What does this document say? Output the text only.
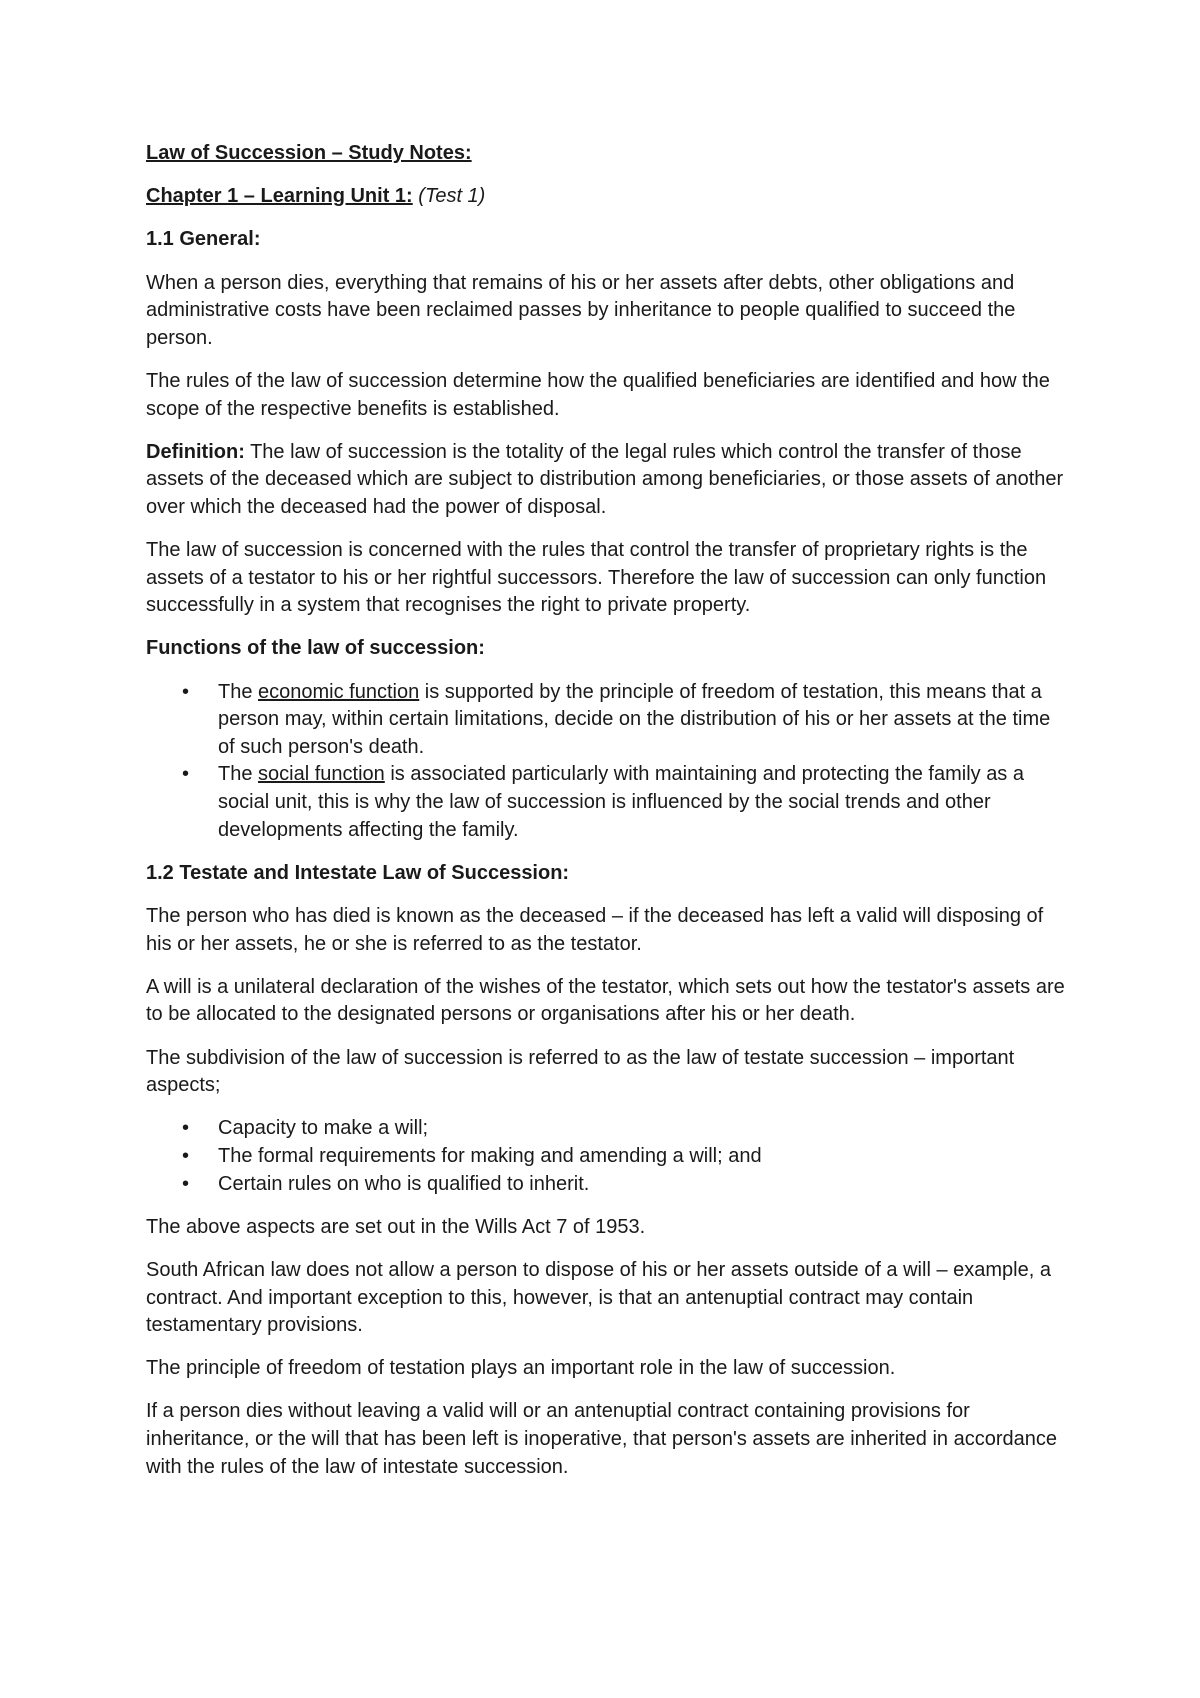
Law of Succession – Study Notes:

Chapter 1 – Learning Unit 1: (Test 1)

1.1 General:

When a person dies, everything that remains of his or her assets after debts, other obligations and administrative costs have been reclaimed passes by inheritance to people qualified to succeed the person.

The rules of the law of succession determine how the qualified beneficiaries are identified and how the scope of the respective benefits is established.

Definition: The law of succession is the totality of the legal rules which control the transfer of those assets of the deceased which are subject to distribution among beneficiaries, or those assets of another over which the deceased had the power of disposal.

The law of succession is concerned with the rules that control the transfer of proprietary rights is the assets of a testator to his or her rightful successors. Therefore the law of succession can only function successfully in a system that recognises the right to private property.

Functions of the law of succession:

• The economic function is supported by the principle of freedom of testation, this means that a person may, within certain limitations, decide on the distribution of his or her assets at the time of such person's death.
• The social function is associated particularly with maintaining and protecting the family as a social unit, this is why the law of succession is influenced by the social trends and other developments affecting the family.

1.2 Testate and Intestate Law of Succession:

The person who has died is known as the deceased – if the deceased has left a valid will disposing of his or her assets, he or she is referred to as the testator.

A will is a unilateral declaration of the wishes of the testator, which sets out how the testator's assets are to be allocated to the designated persons or organisations after his or her death.

The subdivision of the law of succession is referred to as the law of testate succession – important aspects;

• Capacity to make a will;
• The formal requirements for making and amending a will; and
• Certain rules on who is qualified to inherit.

The above aspects are set out in the Wills Act 7 of 1953.

South African law does not allow a person to dispose of his or her assets outside of a will – example, a contract. And important exception to this, however, is that an antenuptial contract may contain testamentary provisions.

The principle of freedom of testation plays an important role in the law of succession.

If a person dies without leaving a valid will or an antenuptial contract containing provisions for inheritance, or the will that has been left is inoperative, that person's assets are inherited in accordance with the rules of the law of intestate succession.
